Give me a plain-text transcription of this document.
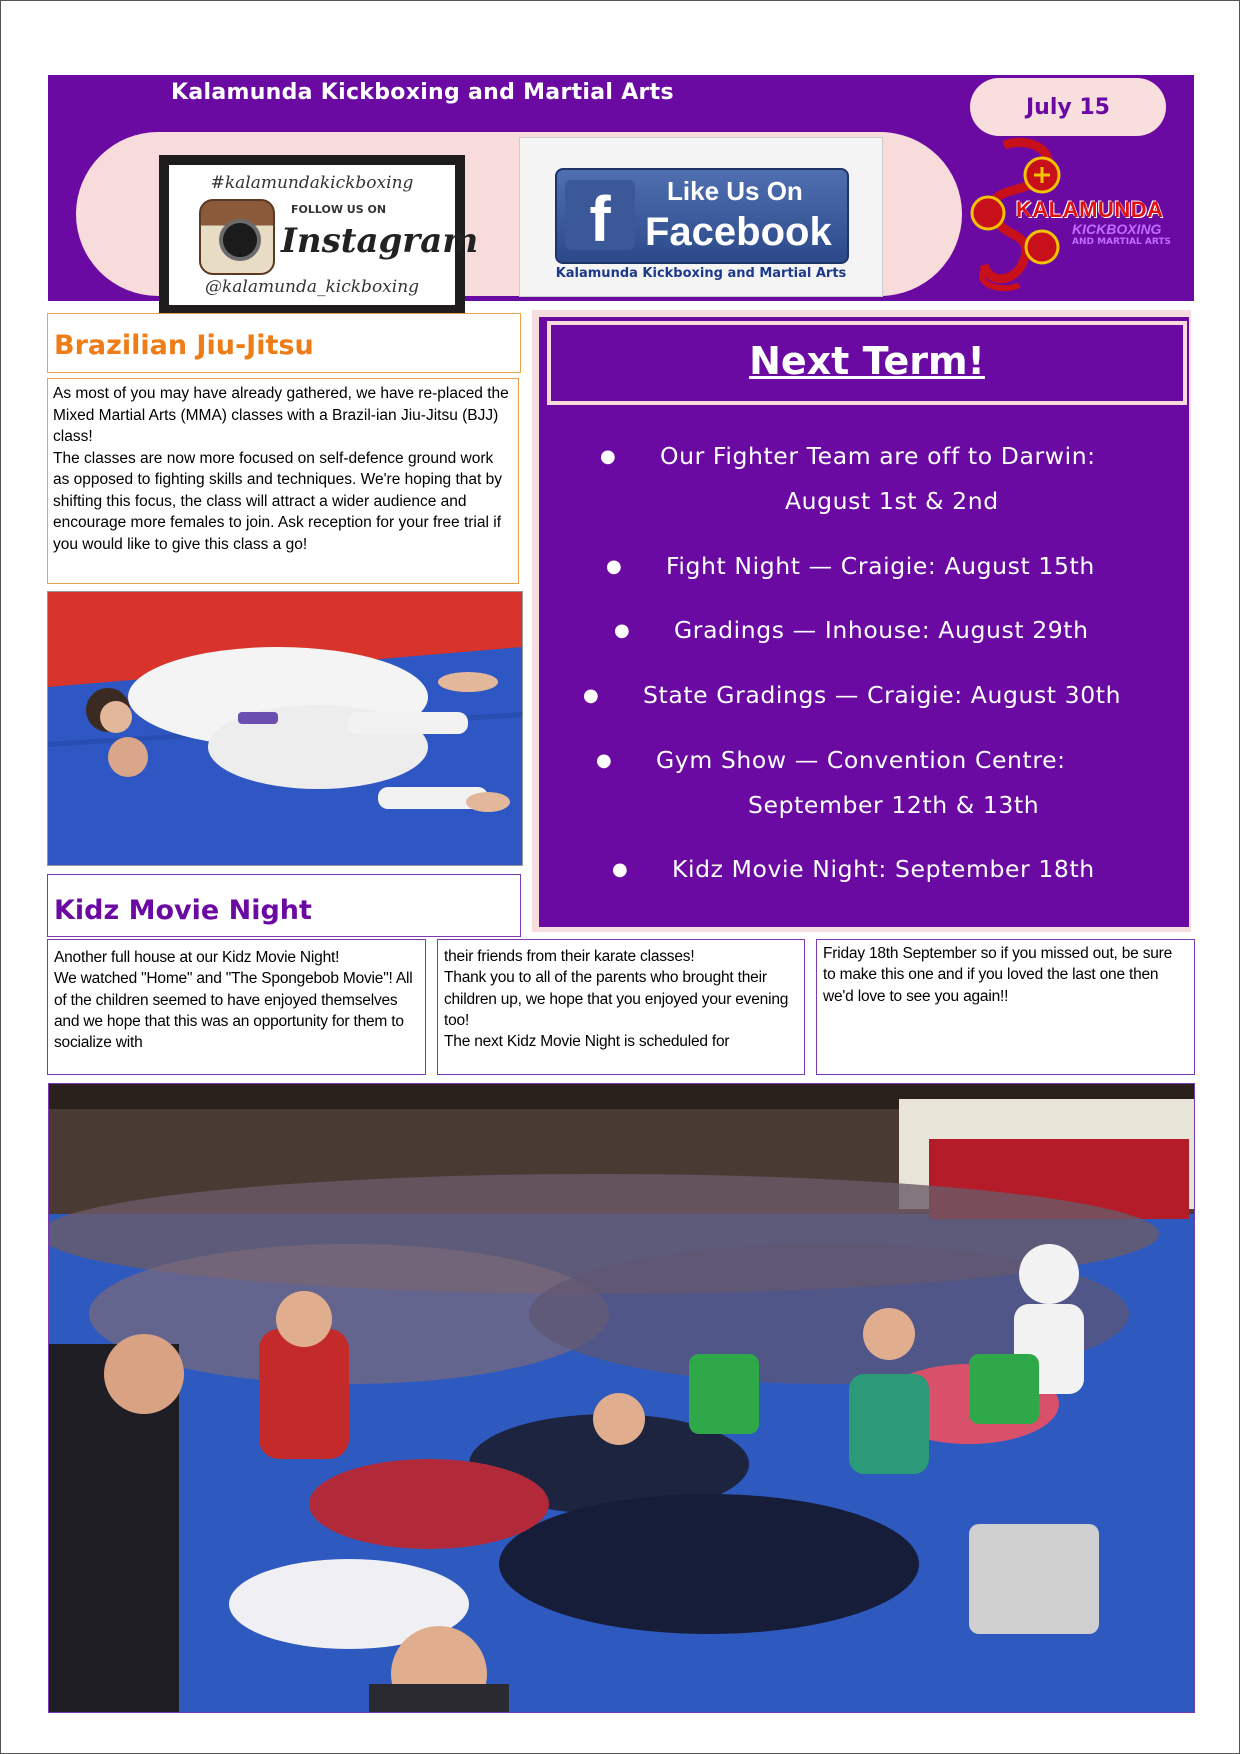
Kalamunda Kickboxing and Martial Arts
July 15
#kalamundakickboxing
FOLLOW US ON
Instagram
@kalamunda_kickboxing
f	Like Us On
Facebook
Kalamunda Kickboxing and Martial Arts
KALAMUNDA
KICKBOXING
AND MARTIAL ARTS
Brazilian Jiu-Jitsu

As most of you may have already gathered, we have re-placed the Mixed Martial Arts (MMA) classes with a Brazil-ian Jiu-Jitsu (BJJ) class!
The classes are now more focused on self-defence ground work as opposed to fighting skills and techniques. We're hoping that by shifting this focus, the class will attract a wider audience and encourage more females to join. Ask reception for your free trial if you would like to give this class a go!

Kidz Movie Night
Next Term!
● Our Fighter Team are off to Darwin:
August 1st & 2nd
● Fight Night — Craigie: August 15th
● Gradings — Inhouse: August 29th
● State Gradings — Craigie: August 30th
● Gym Show — Convention Centre:
September 12th & 13th
● Kidz Movie Night: September 18th

Another full house at our Kidz Movie Night!
We watched "Home" and "The Spongebob Movie"! All of the children seemed to have enjoyed themselves and we hope that this was an opportunity for them to socialize with

their friends from their karate classes!
Thank you to all of the parents who brought their children up, we hope that you enjoyed your evening too!
The next Kidz Movie Night is scheduled for

Friday 18th September so if you missed out, be sure to make this one and if you loved the last one then we'd love to see you again!!
